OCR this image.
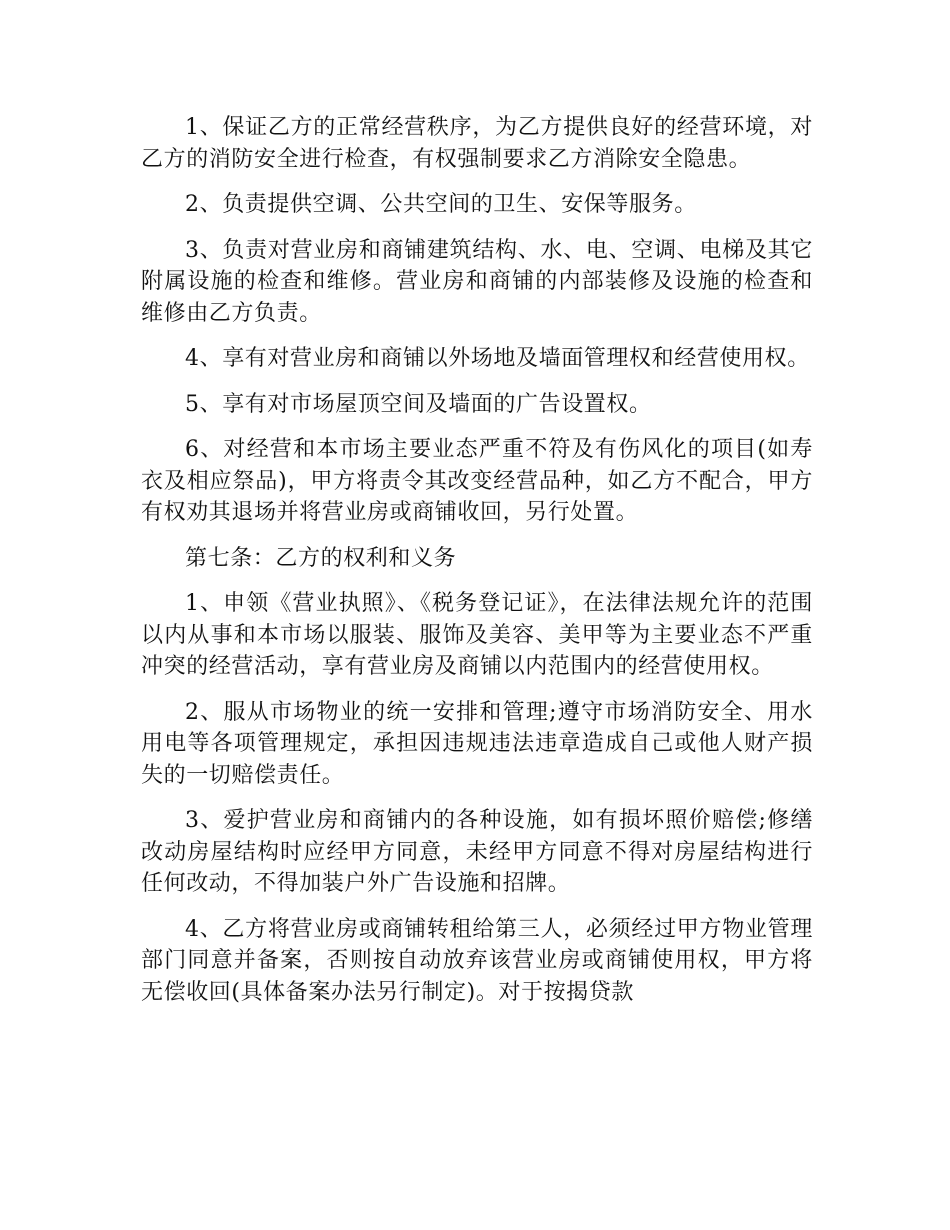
1、保证乙方的正常经营秩序，为乙方提供良好的经营环境，对乙方的消防安全进行检查，有权强制要求乙方消除安全隐患。

2、负责提供空调、公共空间的卫生、安保等服务。

3、负责对营业房和商铺建筑结构、水、电、空调、电梯及其它附属设施的检查和维修。营业房和商铺的内部装修及设施的检查和维修由乙方负责。

4、享有对营业房和商铺以外场地及墙面管理权和经营使用权。

5、享有对市场屋顶空间及墙面的广告设置权。

6、对经营和本市场主要业态严重不符及有伤风化的项目(如寿衣及相应祭品)，甲方将责令其改变经营品种，如乙方不配合，甲方有权劝其退场并将营业房或商铺收回，另行处置。

第七条：乙方的权利和义务

1、申领《营业执照》、《税务登记证》，在法律法规允许的范围以内从事和本市场以服装、服饰及美容、美甲等为主要业态不严重冲突的经营活动，享有营业房及商铺以内范围内的经营使用权。

2、服从市场物业的统一安排和管理;遵守市场消防安全、用水用电等各项管理规定，承担因违规违法违章造成自己或他人财产损失的一切赔偿责任。

3、爱护营业房和商铺内的各种设施，如有损坏照价赔偿;修缮改动房屋结构时应经甲方同意，未经甲方同意不得对房屋结构进行任何改动，不得加装户外广告设施和招牌。

4、乙方将营业房或商铺转租给第三人，必须经过甲方物业管理部门同意并备案，否则按自动放弃该营业房或商铺使用权，甲方将无偿收回(具体备案办法另行制定)。对于按揭贷款
